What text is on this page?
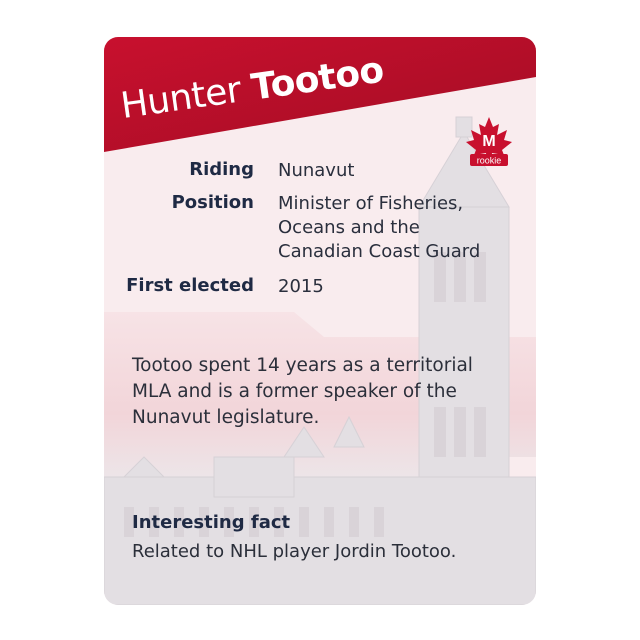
Hunter Tootoo
M
rookie
Riding Nunavut
Position Minister of Fisheries, Oceans and the Canadian Coast Guard
First elected 2015
Tootoo spent 14 years as a territorial MLA and is a former speaker of the Nunavut legislature.
Interesting fact
Related to NHL player Jordin Tootoo.
